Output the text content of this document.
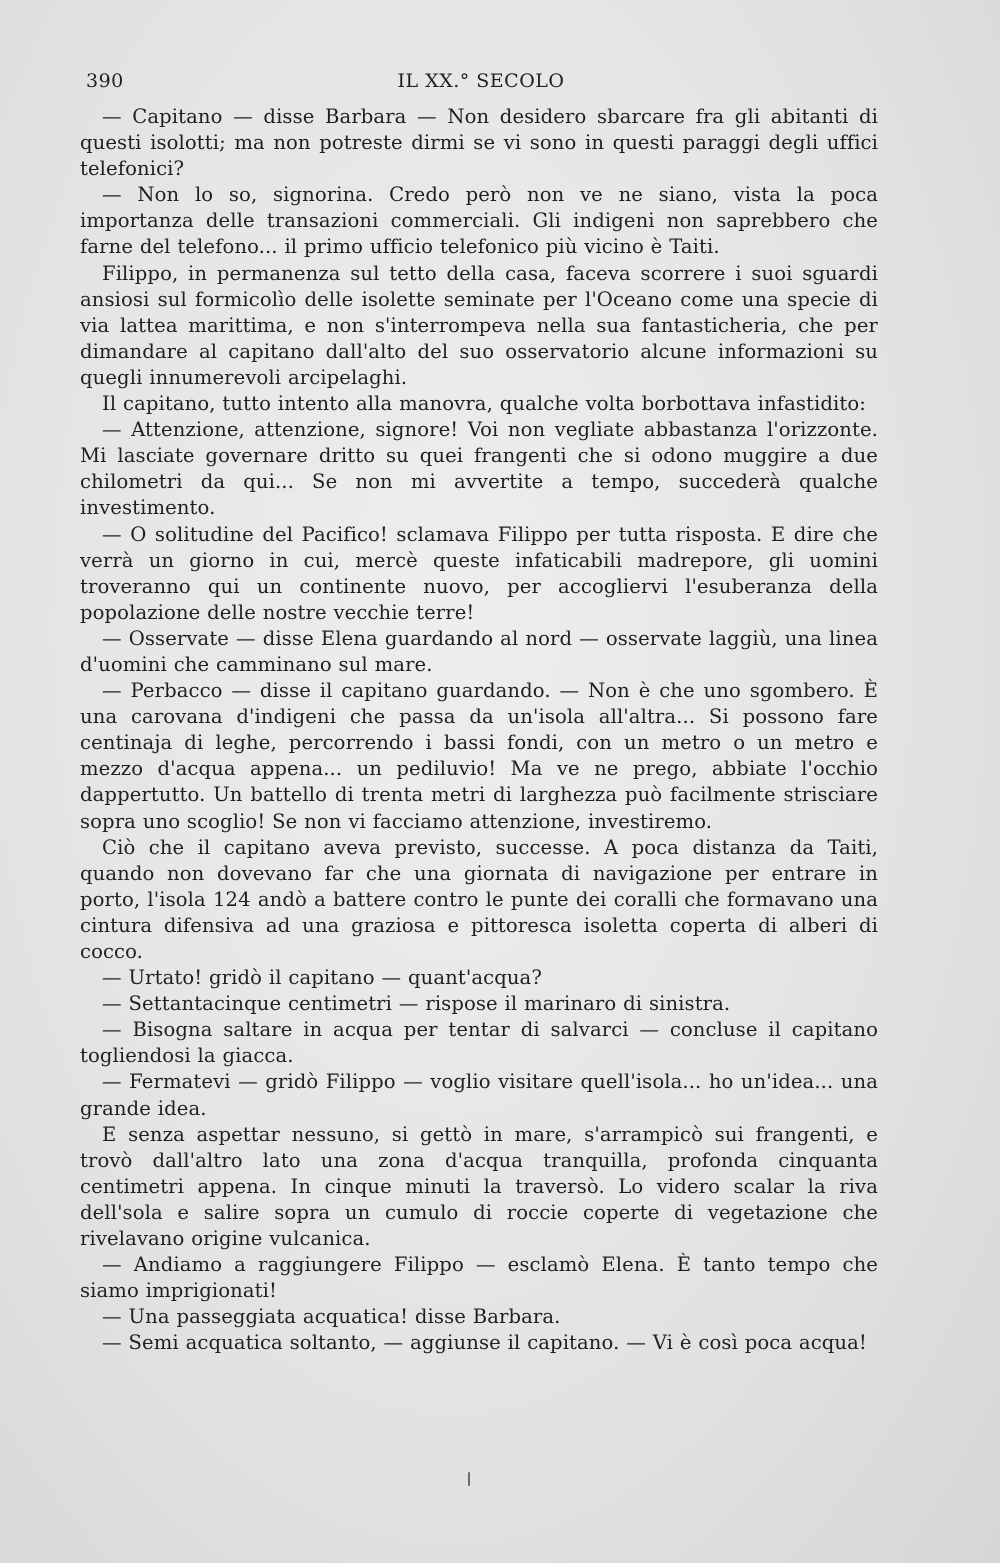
390	IL XX.° SECOLO

— Capitano — disse Barbara — Non desidero sbarcare fra gli abitanti di questi isolotti; ma non potreste dirmi se vi sono in questi paraggi degli uffici telefonici?

— Non lo so, signorina. Credo però non ve ne siano, vista la poca importanza delle transazioni commerciali. Gli indigeni non saprebbero che farne del telefono... il primo ufficio telefonico più vicino è Taiti.

Filippo, in permanenza sul tetto della casa, faceva scorrere i suoi sguardi ansiosi sul formicolìo delle isolette seminate per l'Oceano come una specie di via lattea marittima, e non s'interrompeva nella sua fantasticheria, che per dimandare al capitano dall'alto del suo osservatorio alcune informazioni su quegli innumerevoli arcipelaghi.

Il capitano, tutto intento alla manovra, qualche volta borbottava infastidito:

— Attenzione, attenzione, signore! Voi non vegliate abbastanza l'orizzonte. Mi lasciate governare dritto su quei frangenti che si odono muggire a due chilometri da qui... Se non mi avvertite a tempo, succederà qualche investimento.

— O solitudine del Pacifico! sclamava Filippo per tutta risposta. E dire che verrà un giorno in cui, mercè queste infaticabili madrepore, gli uomini troveranno qui un continente nuovo, per accogliervi l'esuberanza della popolazione delle nostre vecchie terre!

— Osservate — disse Elena guardando al nord — osservate laggiù, una linea d'uomini che camminano sul mare.

— Perbacco — disse il capitano guardando. — Non è che uno sgombero. È una carovana d'indigeni che passa da un'isola all'altra... Si possono fare centinaja di leghe, percorrendo i bassi fondi, con un metro o un metro e mezzo d'acqua appena... un pediluvio! Ma ve ne prego, abbiate l'occhio dappertutto. Un battello di trenta metri di larghezza può facilmente strisciare sopra uno scoglio! Se non vi facciamo attenzione, investiremo.

Ciò che il capitano aveva previsto, successe. A poca distanza da Taiti, quando non dovevano far che una giornata di navigazione per entrare in porto, l'isola 124 andò a battere contro le punte dei coralli che formavano una cintura difensiva ad una graziosa e pittoresca isoletta coperta di alberi di cocco.

— Urtato! gridò il capitano — quant'acqua?

— Settantacinque centimetri — rispose il marinaro di sinistra.

— Bisogna saltare in acqua per tentar di salvarci — concluse il capitano togliendosi la giacca.

— Fermatevi — gridò Filippo — voglio visitare quell'isola... ho un'idea... una grande idea.

E senza aspettar nessuno, si gettò in mare, s'arrampicò sui frangenti, e trovò dall'altro lato una zona d'acqua tranquilla, profonda cinquanta centimetri appena. In cinque minuti la traversò. Lo videro scalar la riva dell'sola e salire sopra un cumulo di roccie coperte di vegetazione che rivelavano origine vulcanica.

— Andiamo a raggiungere Filippo — esclamò Elena. È tanto tempo che siamo imprigionati!

— Una passeggiata acquatica! disse Barbara.

— Semi acquatica soltanto, — aggiunse il capitano. — Vi è così poca acqua!
